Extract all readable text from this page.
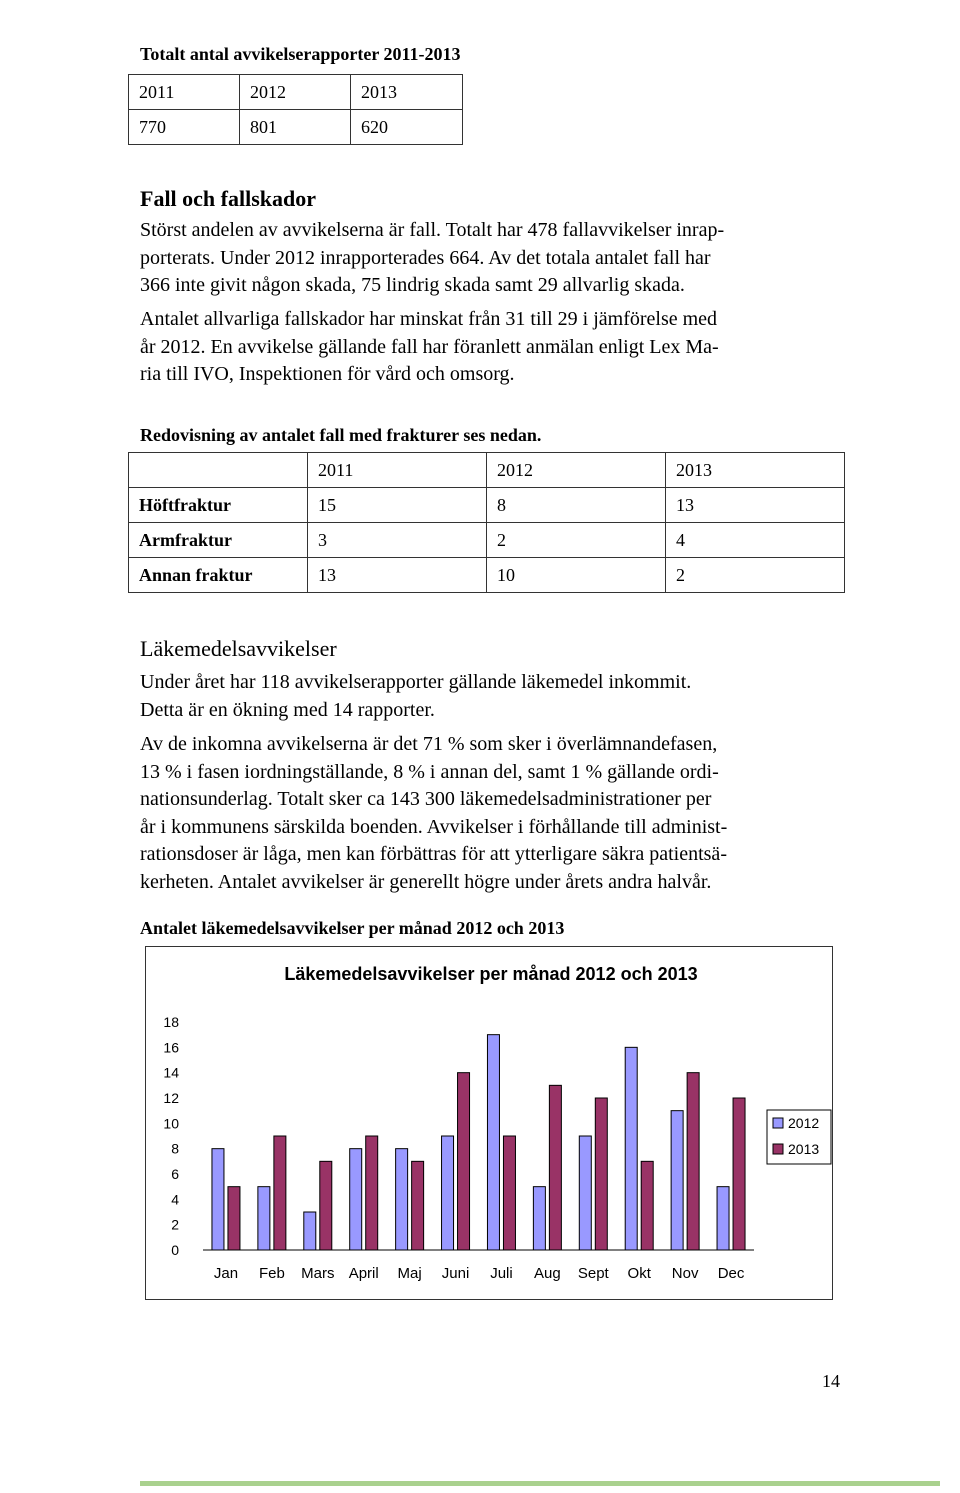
Totalt antal avvikelserapporter 2011-2013
2011	2012	2013
770	801	620
Fall och fallskador

Störst andelen av avvikelserna är fall. Totalt har 478 fallavvikelser inrap-

porterats. Under 2012 inrapporterades 664. Av det totala antalet fall har

366 inte givit någon skada, 75 lindrig skada samt 29 allvarlig skada.

Antalet allvarliga fallskador har minskat från 31 till 29 i jämförelse med

år 2012. En avvikelse gällande fall har föranlett anmälan enligt Lex Ma-

ria till IVO, Inspektionen för vård och omsorg.

Redovisning av antalet fall med frakturer ses nedan.
	2011	2012	2013
Höftfraktur	15	8	13
Armfraktur	3	2	4
Annan fraktur	13	10	2
Läkemedelsavvikelser

Under året har 118 avvikelserapporter gällande läkemedel inkommit.

Detta är en ökning med 14 rapporter.

Av de inkomna avvikelserna är det 71 % som sker i överlämnandefasen,

13 % i fasen iordningställande, 8 % i annan del, samt 1 % gällande ordi-

nationsunderlag. Totalt sker ca 143 300 läkemedelsadministrationer per

år i kommunens särskilda boenden. Avvikelser i förhållande till administ-

rationsdoser är låga, men kan förbättras för att ytterligare säkra patientsä-

kerheten. Antalet avvikelser är generellt högre under årets andra halvår.

Antalet läkemedelsavvikelser per månad 2012 och 2013
Läkemedelsavvikelser per månad 2012 och 2013
0
2
4
6
8
10
12
14
16
18
Jan Feb Mars April Maj Juni Juli Aug Sept Okt Nov Dec
2012
2013
14
